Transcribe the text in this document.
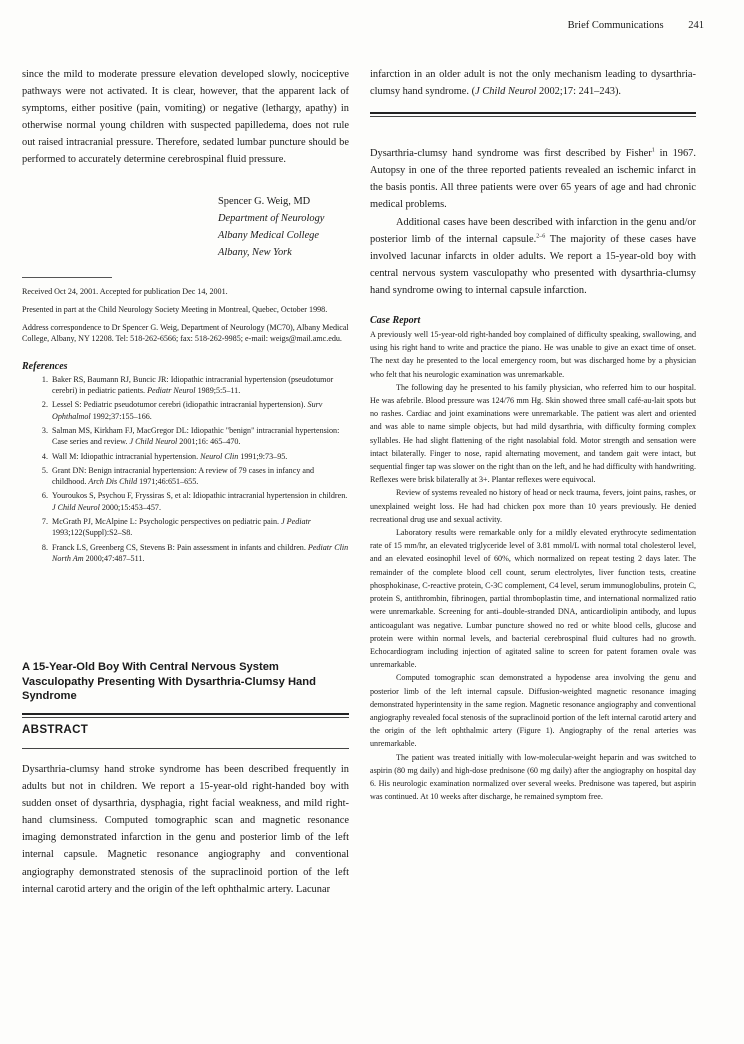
Brief Communications 241

since the mild to moderate pressure elevation developed slowly, nociceptive pathways were not activated. It is clear, however, that the apparent lack of symptoms, either positive (pain, vomiting) or negative (lethargy, apathy) in otherwise normal young children with suspected papilledema, does not rule out raised intracranial pressure. Therefore, sedated lumbar puncture should be performed to accurately determine cerebrospinal fluid pressure.

Spencer G. Weig, MD
Department of Neurology
Albany Medical College
Albany, New York

Received Oct 24, 2001. Accepted for publication Dec 14, 2001.

Presented in part at the Child Neurology Society Meeting in Montreal, Quebec, October 1998.

Address correspondence to Dr Spencer G. Weig, Department of Neurology (MC70), Albany Medical College, Albany, NY 12208. Tel: 518-262-6566; fax: 518-262-9985; e-mail: weigs@mail.amc.edu.

References
1. Baker RS, Baumann RJ, Buncic JR: Idiopathic intracranial hypertension (pseudotumor cerebri) in pediatric patients. Pediatr Neurol 1989;5:5–11.
2. Lessel S: Pediatric pseudotumor cerebri (idiopathic intracranial hypertension). Surv Ophthalmol 1992;37:155–166.
3. Salman MS, Kirkham FJ, MacGregor DL: Idiopathic "benign" intracranial hypertension: Case series and review. J Child Neurol 2001;16: 465–470.
4. Wall M: Idiopathic intracranial hypertension. Neurol Clin 1991;9:73–95.
5. Grant DN: Benign intracranial hypertension: A review of 79 cases in infancy and childhood. Arch Dis Child 1971;46:651–655.
6. Youroukos S, Psychou F, Fryssiras S, et al: Idiopathic intracranial hypertension in children. J Child Neurol 2000;15:453–457.
7. McGrath PJ, McAlpine L: Psychologic perspectives on pediatric pain. J Pediatr 1993;122(Suppl):S2–S8.
8. Franck LS, Greenberg CS, Stevens B: Pain assessment in infants and children. Pediatr Clin North Am 2000;47:487–511.
A 15-Year-Old Boy With Central Nervous System Vasculopathy Presenting With Dysarthria-Clumsy Hand Syndrome
ABSTRACT

Dysarthria-clumsy hand stroke syndrome has been described frequently in adults but not in children. We report a 15-year-old right-handed boy with sudden onset of dysarthria, dysphagia, right facial weakness, and mild right-hand clumsiness. Computed tomographic scan and magnetic resonance imaging demonstrated infarction in the genu and posterior limb of the left internal capsule. Magnetic resonance angiography and conventional angiography demonstrated stenosis of the supraclinoid portion of the left internal carotid artery and the origin of the left ophthalmic artery. Lacunar

infarction in an older adult is not the only mechanism leading to dysarthria-clumsy hand syndrome. (J Child Neurol 2002;17: 241–243).

Dysarthria-clumsy hand syndrome was first described by Fisher$^1$ in 1967. Autopsy in one of the three reported patients revealed an ischemic infarct in the basis pontis. All three patients were over 65 years of age and had chronic medical problems.

Additional cases have been described with infarction in the genu and/or posterior limb of the internal capsule.$^{2-6}$ The majority of these cases have involved lacunar infarcts in older adults. We report a 15-year-old boy with central nervous system vasculopathy who presented with dysarthria-clumsy hand syndrome owing to internal capsule infarction.

Case Report

A previously well 15-year-old right-handed boy complained of difficulty speaking, swallowing, and using his right hand to write and practice the piano. He was unable to give an exact time of onset. The next day he presented to the local emergency room, but was discharged home by a physician who felt that his neurologic examination was unremarkable.

The following day he presented to his family physician, who referred him to our hospital. He was afebrile. Blood pressure was 124/76 mm Hg. Skin showed three small café-au-lait spots but no rashes. Cardiac and joint examinations were unremarkable. The patient was alert and oriented and was able to name simple objects, but had mild dysarthria, with difficulty forming complex syllables. He had slight flattening of the right nasolabial fold. Motor strength and sensation were intact bilaterally. Finger to nose, rapid alternating movement, and tandem gait were intact, but sequential finger tap was slower on the right than on the left, and he had difficulty with handwriting. Reflexes were brisk bilaterally at 3+. Plantar reflexes were equivocal.

Review of systems revealed no history of head or neck trauma, fevers, joint pains, rashes, or unexplained weight loss. He had had chicken pox more than 10 years previously. He denied recreational drug use and sexual activity.

Laboratory results were remarkable only for a mildly elevated erythrocyte sedimentation rate of 15 mm/hr, an elevated triglyceride level of 3.81 mmol/L with normal total cholesterol level, and an elevated eosinophil level of 60%, which normalized on repeat testing 2 days later. The remainder of the complete blood cell count, serum electrolytes, liver function tests, creatine phosphokinase, C-reactive protein, C-3C complement, C4 level, serum immunoglobulins, protein C, protein S, antithrombin, fibrinogen, partial thromboplastin time, and international normalized ratio were unremarkable. Screening for anti–double-stranded DNA, anticardiolipin antibody, and lupus anticoagulant was negative. Lumbar puncture showed no red or white blood cells, glucose and protein were within normal levels, and bacterial cerebrospinal fluid cultures had no growth. Echocardiogram including injection of agitated saline to screen for patent foramen ovale was unremarkable.

Computed tomographic scan demonstrated a hypodense area involving the genu and posterior limb of the left internal capsule. Diffusion-weighted magnetic resonance imaging demonstrated hyperintensity in the same region. Magnetic resonance angiography and conventional angiography revealed focal stenosis of the supraclinoid portion of the left internal carotid artery and the origin of the left ophthalmic artery (Figure 1). Angiography of the renal arteries was unremarkable.

The patient was treated initially with low-molecular-weight heparin and was switched to aspirin (80 mg daily) and high-dose prednisone (60 mg daily) after the angiography on hospital day 6. His neurologic examination normalized over several weeks. Prednisone was tapered, but aspirin was continued. At 10 weeks after discharge, he remained symptom free.
